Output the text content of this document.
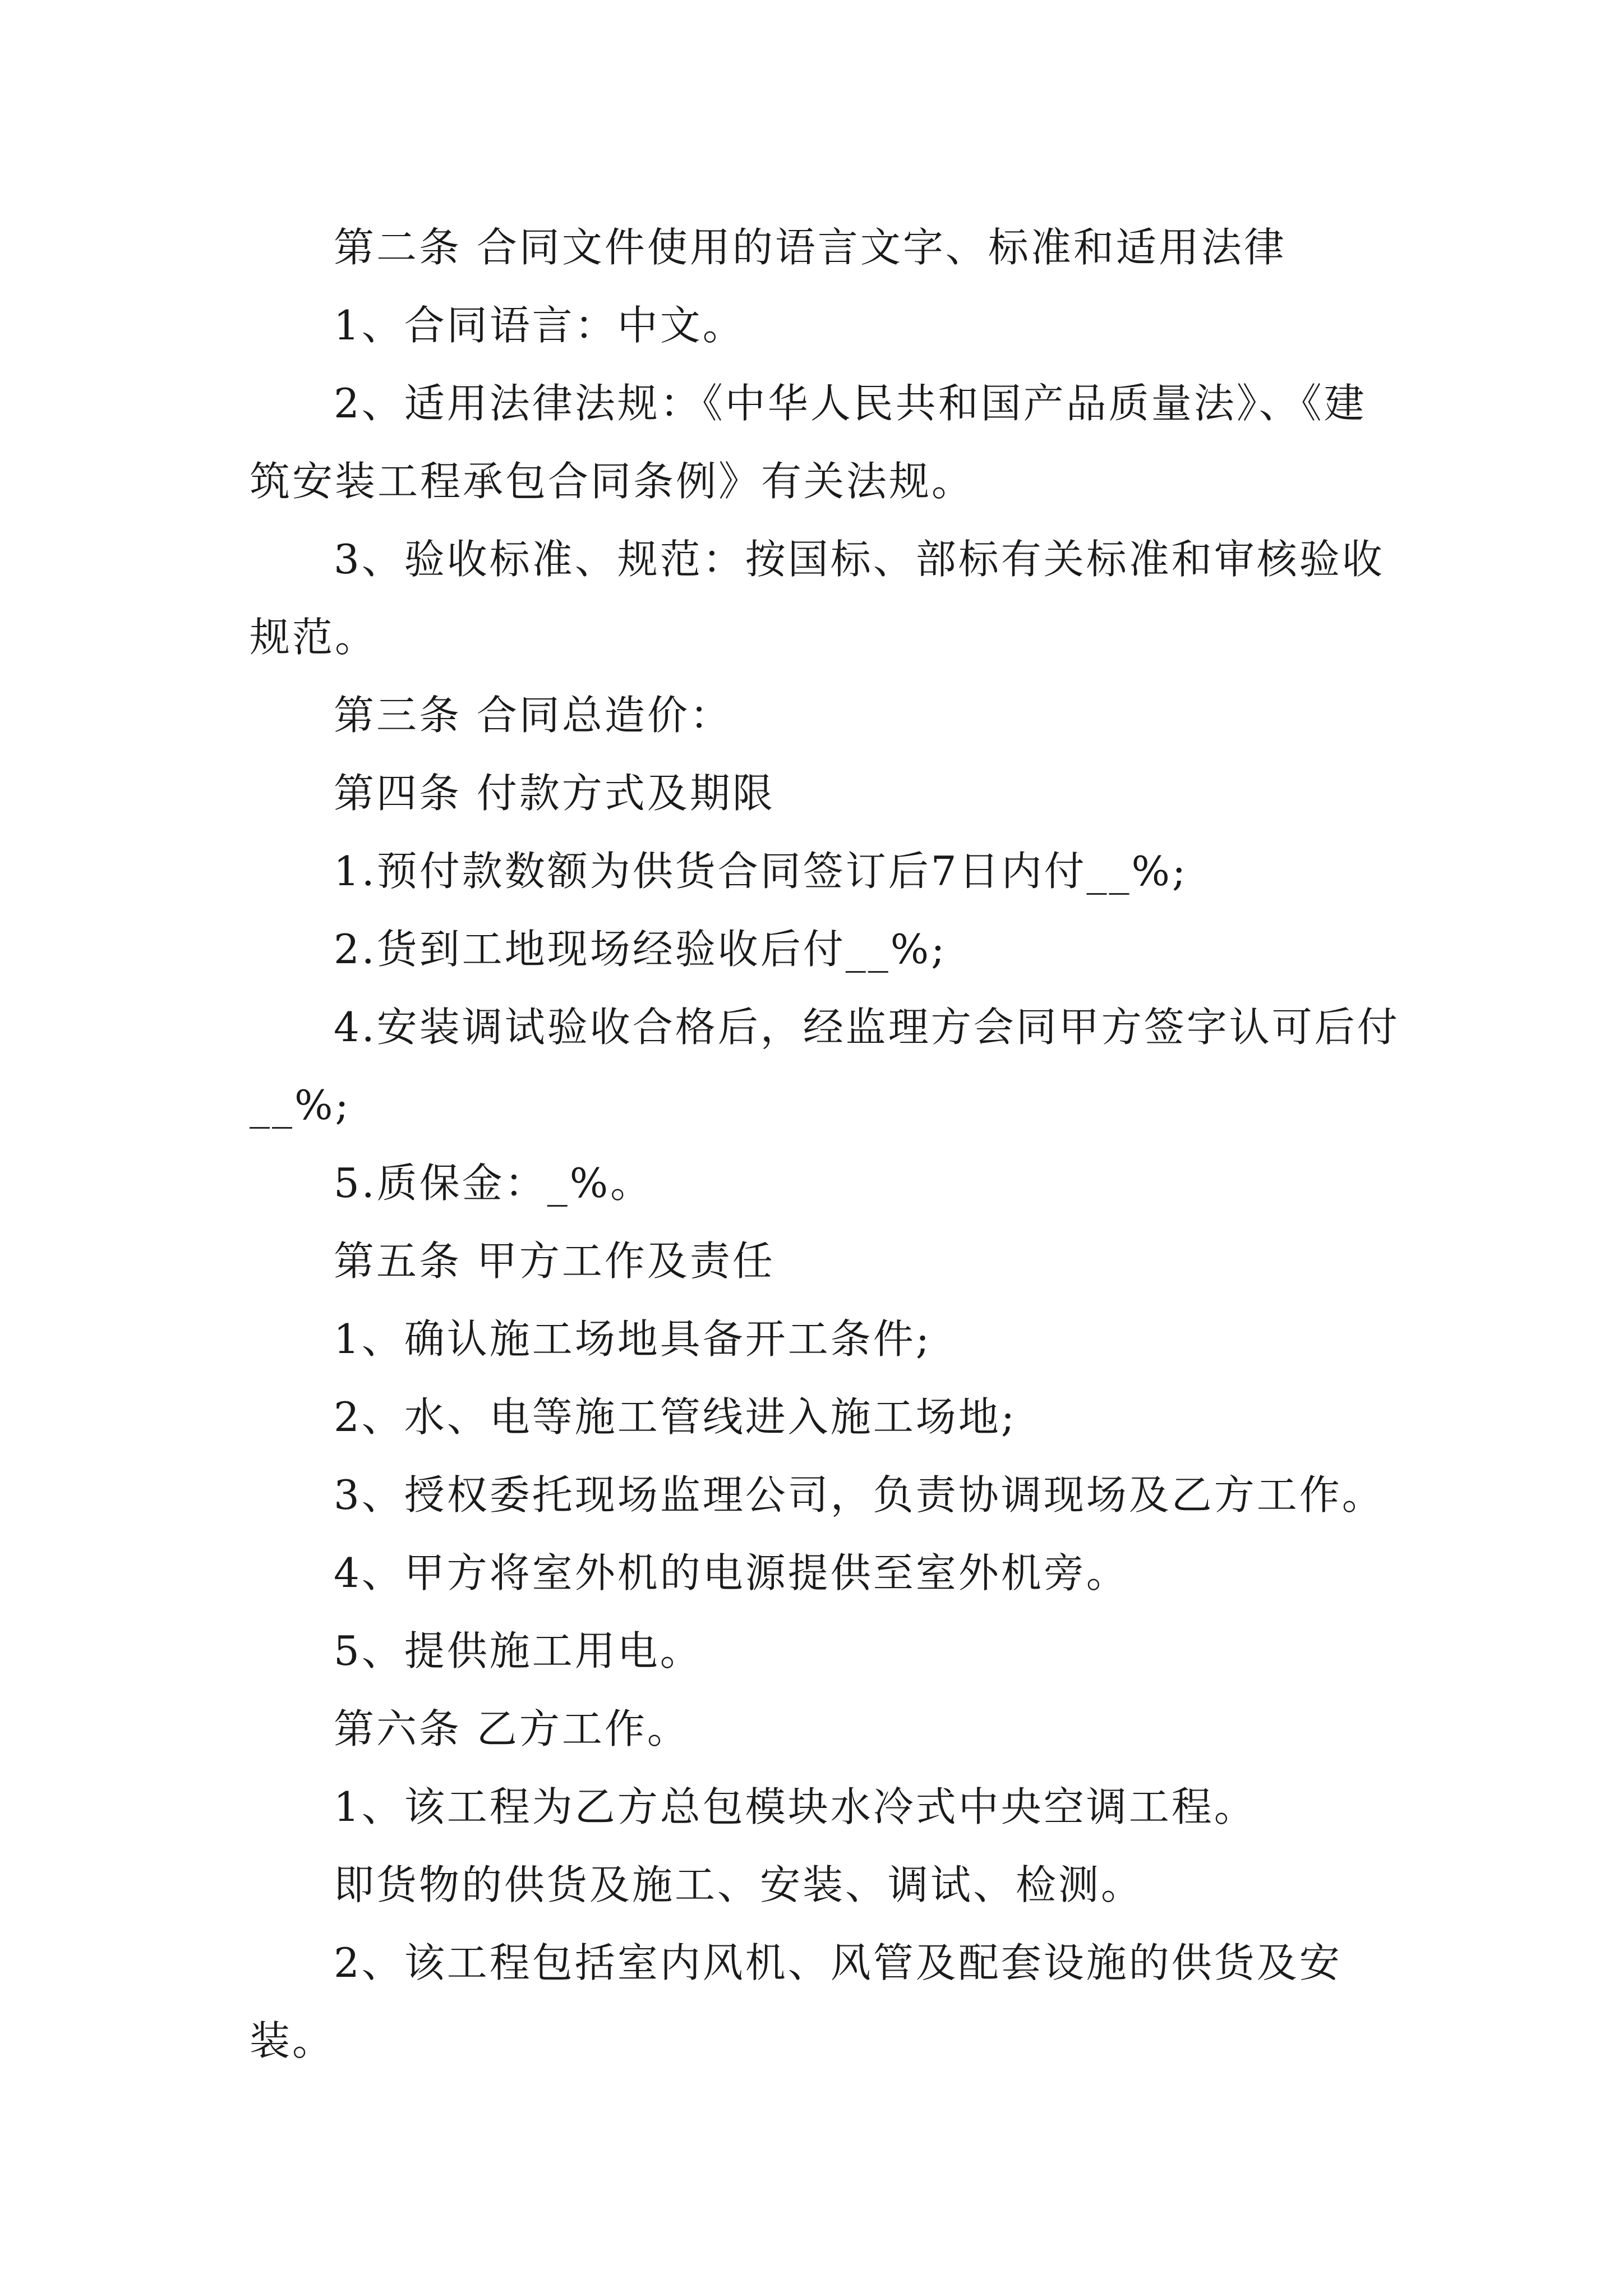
第二条 合同文件使用的语言文字、标准和适用法律

1、合同语言：中文。

2、适用法律法规：《中华人民共和国产品质量法》、《建筑安装工程承包合同条例》有关法规。

3、验收标准、规范：按国标、部标有关标准和审核验收规范。

第三条 合同总造价：

第四条 付款方式及期限

1.预付款数额为供货合同签订后7日内付__%;

2.货到工地现场经验收后付__%;

4.安装调试验收合格后，经监理方会同甲方签字认可后付__%;

5.质保金：_%。

第五条 甲方工作及责任

1、确认施工场地具备开工条件;

2、水、电等施工管线进入施工场地;

3、授权委托现场监理公司，负责协调现场及乙方工作。

4、甲方将室外机的电源提供至室外机旁。

5、提供施工用电。

第六条 乙方工作。

1、该工程为乙方总包模块水冷式中央空调工程。

即货物的供货及施工、安装、调试、检测。

2、该工程包括室内风机、风管及配套设施的供货及安装。
